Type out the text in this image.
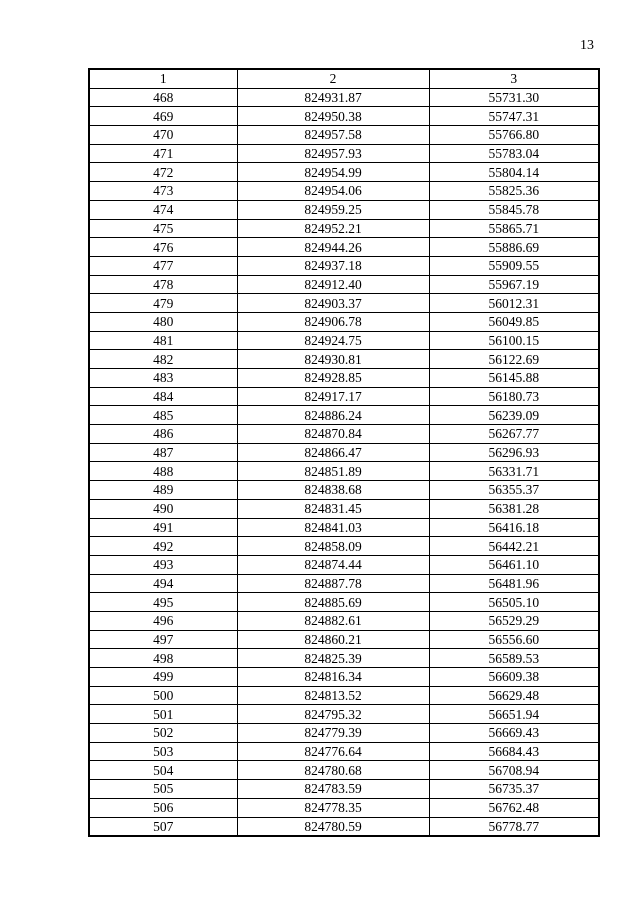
13
1	2	3
468	824931.87	55731.30
469	824950.38	55747.31
470	824957.58	55766.80
471	824957.93	55783.04
472	824954.99	55804.14
473	824954.06	55825.36
474	824959.25	55845.78
475	824952.21	55865.71
476	824944.26	55886.69
477	824937.18	55909.55
478	824912.40	55967.19
479	824903.37	56012.31
480	824906.78	56049.85
481	824924.75	56100.15
482	824930.81	56122.69
483	824928.85	56145.88
484	824917.17	56180.73
485	824886.24	56239.09
486	824870.84	56267.77
487	824866.47	56296.93
488	824851.89	56331.71
489	824838.68	56355.37
490	824831.45	56381.28
491	824841.03	56416.18
492	824858.09	56442.21
493	824874.44	56461.10
494	824887.78	56481.96
495	824885.69	56505.10
496	824882.61	56529.29
497	824860.21	56556.60
498	824825.39	56589.53
499	824816.34	56609.38
500	824813.52	56629.48
501	824795.32	56651.94
502	824779.39	56669.43
503	824776.64	56684.43
504	824780.68	56708.94
505	824783.59	56735.37
506	824778.35	56762.48
507	824780.59	56778.77
